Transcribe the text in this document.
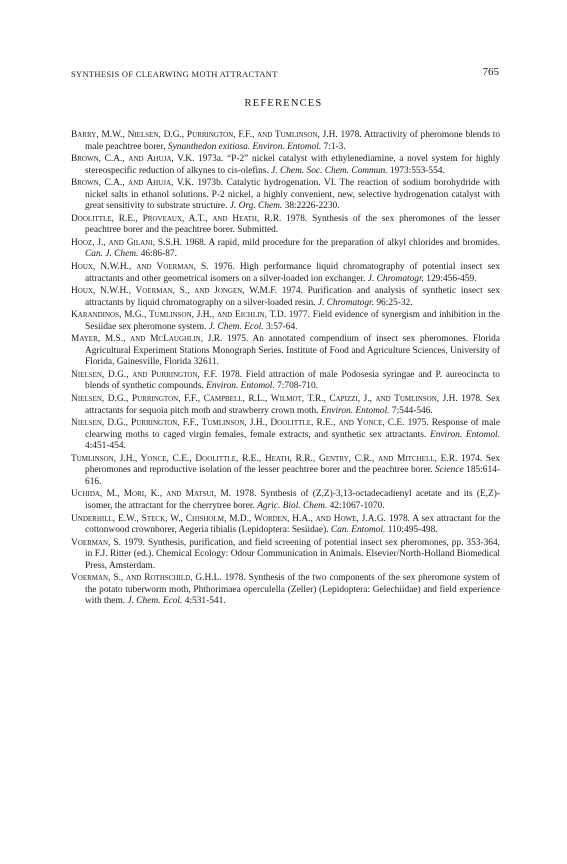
SYNTHESIS OF CLEARWING MOTH ATTRACTANT	765
REFERENCES

Barry, M.W., Nielsen, D.G., Purrington, F.F., and Tumlinson, J.H. 1978. Attractivity of pheromone blends to male peachtree borer, Synanthedon exitiosa. Environ. Entomol. 7:1-3.

Brown, C.A., and Ahuja, V.K. 1973a. “P-2” nickel catalyst with ethylenediamine, a novel system for highly stereospecific reduction of alkynes to cis-olefins. J. Chem. Soc. Chem. Commun. 1973:553-554.

Brown, C.A., and Ahuja, V.K. 1973b. Catalytic hydrogenation. VI. The reaction of sodium borohydride with nickel salts in ethanol solutions. P-2 nickel, a highly convenient, new, selective hydrogenation catalyst with great sensitivity to substrate structure. J. Org. Chem. 38:2226-2230.

Doolittle, R.E., Proveaux, A.T., and Heath, R.R. 1978. Synthesis of the sex pheromones of the lesser peachtree borer and the peachtree borer. Submitted.

Hooz, J., and Gilani, S.S.H. 1968. A rapid, mild procedure for the preparation of alkyl chlorides and bromides. Can. J. Chem. 46:86-87.

Houx, N.W.H., and Voerman, S. 1976. High performance liquid chromatography of potential insect sex attractants and other geometrical isomers on a silver-loaded ion exchanger. J. Chromatogr. 129:456-459.

Houx, N.W.H., Voerman, S., and Jongen, W.M.F. 1974. Purification and analysis of synthetic insect sex attractants by liquid chromatography on a silver-loaded resin. J. Chromatogr. 96:25-32.

Karandinos, M.G., Tumlinson, J.H., and Eichlin, T.D. 1977. Field evidence of synergism and inhibition in the Sesiidae sex pheromone system. J. Chem. Ecol. 3:57-64.

Mayer, M.S., and McLaughlin, J.R. 1975. An annotated compendium of insect sex pheromones. Florida Agricultural Experiment Stations Monograph Series. Institute of Food and Agriculture Sciences, University of Florida, Gainesville, Florida 32611.

Nielsen, D.G., and Purrington, F.F. 1978. Field attraction of male Podosesia syringae and P. aureocincta to blends of synthetic compounds. Environ. Entomol. 7:708-710.

Nielsen, D.G., Purrington, F.F., Campbell, R.L., Wilmot, T.R., Capizzi, J., and Tumlinson, J.H. 1978. Sex attractants for sequoia pitch moth and strawberry crown moth. Environ. Entomol. 7:544-546.

Nielsen, D.G., Purrington, F.F., Tumlinson, J.H., Doolittle, R.E., and Yonce, C.E. 1975. Response of male clearwing moths to caged virgin females, female extracts, and synthetic sex attractants. Environ. Entomol. 4:451-454.

Tumlinson, J.H., Yonce, C.E., Doolittle, R.E., Heath, R.R., Gentry, C.R., and Mitchell, E.R. 1974. Sex pheromones and reproductive isolation of the lesser peachtree borer and the peachtree borer. Science 185:614-616.

Uchida, M., Mori, K., and Matsui, M. 1978. Synthesis of (Z,Z)-3,13-octadecadienyl acetate and its (E,Z)-isomer, the attractant for the cherrytree borer. Agric. Biol. Chem. 42:1067-1070.

Underhill, E.W., Steck, W., Chisholm, M.D., Worden, H.A., and Howe, J.A.G. 1978. A sex attractant for the cottonwood crownborer, Aegeria tibialis (Lepidoptera: Sesiidae). Can. Entomol. 110:495-498.

Voerman, S. 1979. Synthesis, purification, and field screening of potential insect sex pheromones, pp. 353-364, in F.J. Ritter (ed.). Chemical Ecology: Odour Communication in Animals. Elsevier/North-Holland Biomedical Press, Amsterdam.

Voerman, S., and Rothschild, G.H.L. 1978. Synthesis of the two components of the sex pheromone system of the potato tuberworm moth, Phthorimaea operculella (Zeller) (Lepidoptera: Gelechiidae) and field experience with them. J. Chem. Ecol. 4:531-541.
